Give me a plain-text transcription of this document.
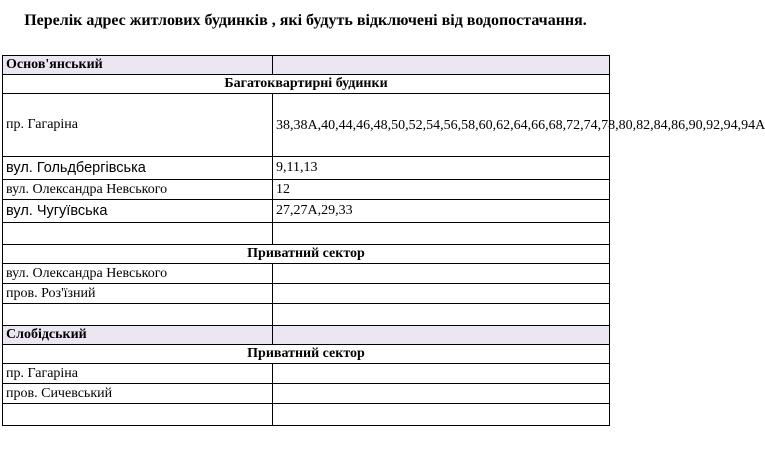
Перелік адрес житлових будинків , які будуть відключені від водопостачання.
Основ'янський	
Багатоквартирні будинки	
пр. Гагаріна	38,38А,40,44,46,48,50,52,54,56,58,60,62,64,66,68,72,74,78,80,82,84,86,90,92,94,94А
вул. Гольдбергівська	9,11,13
вул. Олександра Невського	12
вул. Чугуївська	27,27А,29,33

Приватний сектор	
вул. Олександра Невського	
пров. Роз'їзний	

Слобідський	
Приватний сектор	
пр. Гагаріна	
пров. Сичевський	
